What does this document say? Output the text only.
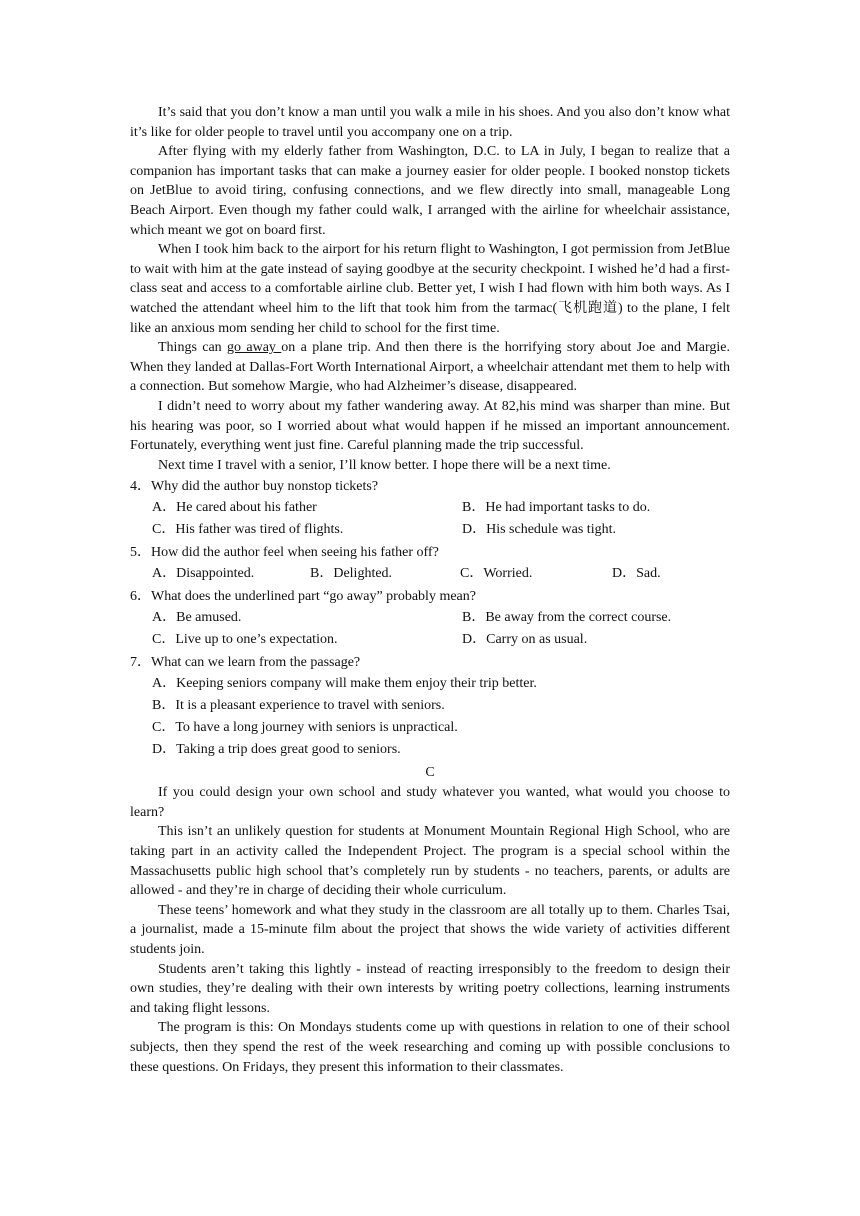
It’s said that you don’t know a man until you walk a mile in his shoes. And you also don’t know what it’s like for older people to travel until you accompany one on a trip.

After flying with my elderly father from Washington, D.C. to LA in July, I began to realize that a companion has important tasks that can make a journey easier for older people. I booked nonstop tickets on JetBlue to avoid tiring, confusing connections, and we flew directly into small, manageable Long Beach Airport. Even though my father could walk, I arranged with the airline for wheelchair assistance, which meant we got on board first.

When I took him back to the airport for his return flight to Washington, I got permission from JetBlue to wait with him at the gate instead of saying goodbye at the security checkpoint. I wished he’d had a first-class seat and access to a comfortable airline club. Better yet, I wish I had flown with him both ways. As I watched the attendant wheel him to the lift that took him from the tarmac(飞机跑道) to the plane, I felt like an anxious mom sending her child to school for the first time.

Things can go away on a plane trip. And then there is the horrifying story about Joe and Margie. When they landed at Dallas-Fort Worth International Airport, a wheelchair attendant met them to help with a connection. But somehow Margie, who had Alzheimer’s disease, disappeared.

I didn’t need to worry about my father wandering away. At 82,his mind was sharper than mine. But his hearing was poor, so I worried about what would happen if he missed an important announcement. Fortunately, everything went just fine. Careful planning made the trip successful.

Next time I travel with a senior, I’ll know better. I hope there will be a next time.

4．Why did the author buy nonstop tickets?

A．He cared about his father	B．He had important tasks to do.
C．His father was tired of flights.	D．His schedule was tight.

5．How did the author feel when seeing his father off?

A．Disappointed.	B．Delighted.	C．Worried.	D．Sad.

6．What does the underlined part “go away” probably mean?

A．Be amused.	B．Be away from the correct course.
C．Live up to one’s expectation.	D．Carry on as usual.

7．What can we learn from the passage?

A．Keeping seniors company will make them enjoy their trip better.
B．It is a pleasant experience to travel with seniors.
C．To have a long journey with seniors is unpractical.
D．Taking a trip does great good to seniors.

C

If you could design your own school and study whatever you wanted, what would you choose to learn?

This isn’t an unlikely question for students at Monument Mountain Regional High School, who are taking part in an activity called the Independent Project. The program is a special school within the Massachusetts public high school that’s completely run by students - no teachers, parents, or adults are allowed - and they’re in charge of deciding their whole curriculum.

These teens’ homework and what they study in the classroom are all totally up to them. Charles Tsai, a journalist, made a 15-minute film about the project that shows the wide variety of activities different students join.

Students aren’t taking this lightly - instead of reacting irresponsibly to the freedom to design their own studies, they’re dealing with their own interests by writing poetry collections, learning instruments and taking flight lessons.

The program is this: On Mondays students come up with questions in relation to one of their school subjects, then they spend the rest of the week researching and coming up with possible conclusions to these questions. On Fridays, they present this information to their classmates.
